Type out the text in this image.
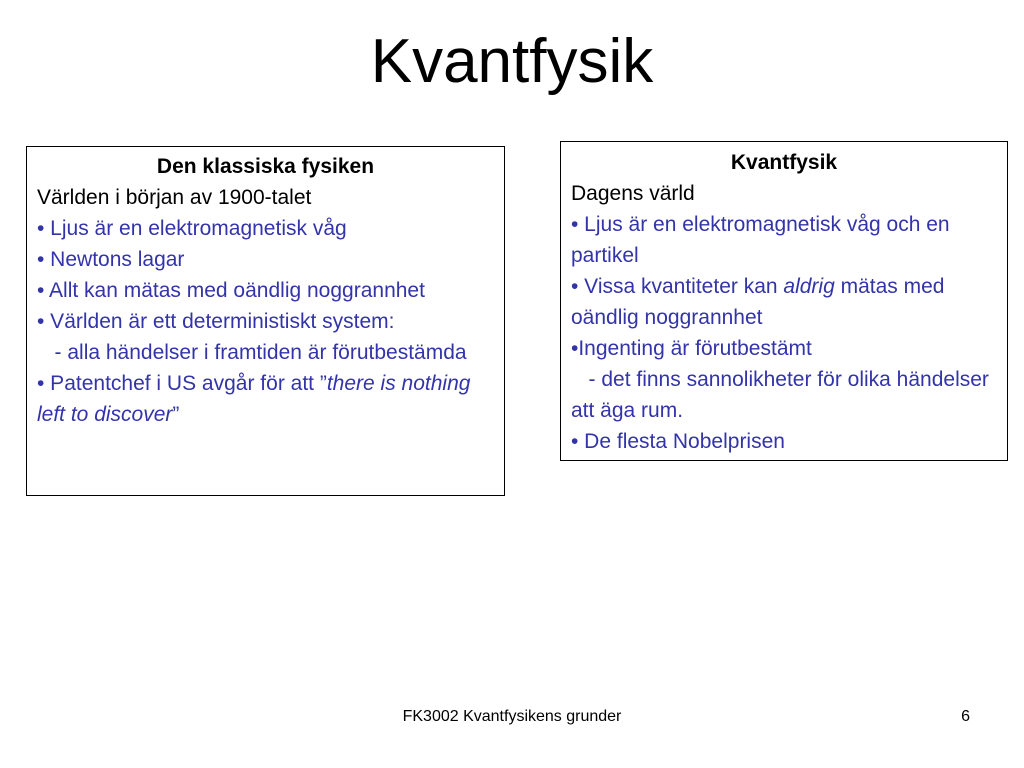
Kvantfysik
Den klassiska fysiken
Världen i början av 1900-talet
• Ljus är en elektromagnetisk våg
• Newtons lagar
• Allt kan mätas med oändlig noggrannhet
• Världen är ett deterministiskt system:
- alla händelser i framtiden är förutbestämda
• Patentchef i US avgår för att ”there is nothing left to discover”
Kvantfysik
Dagens värld
• Ljus är en elektromagnetisk våg och en partikel
• Vissa kvantiteter kan aldrig mätas med oändlig noggrannhet
•Ingenting är förutbestämt
- det finns sannolikheter för olika händelser att äga rum.
• De flesta Nobelprisen
FK3002 Kvantfysikens grunder	6
